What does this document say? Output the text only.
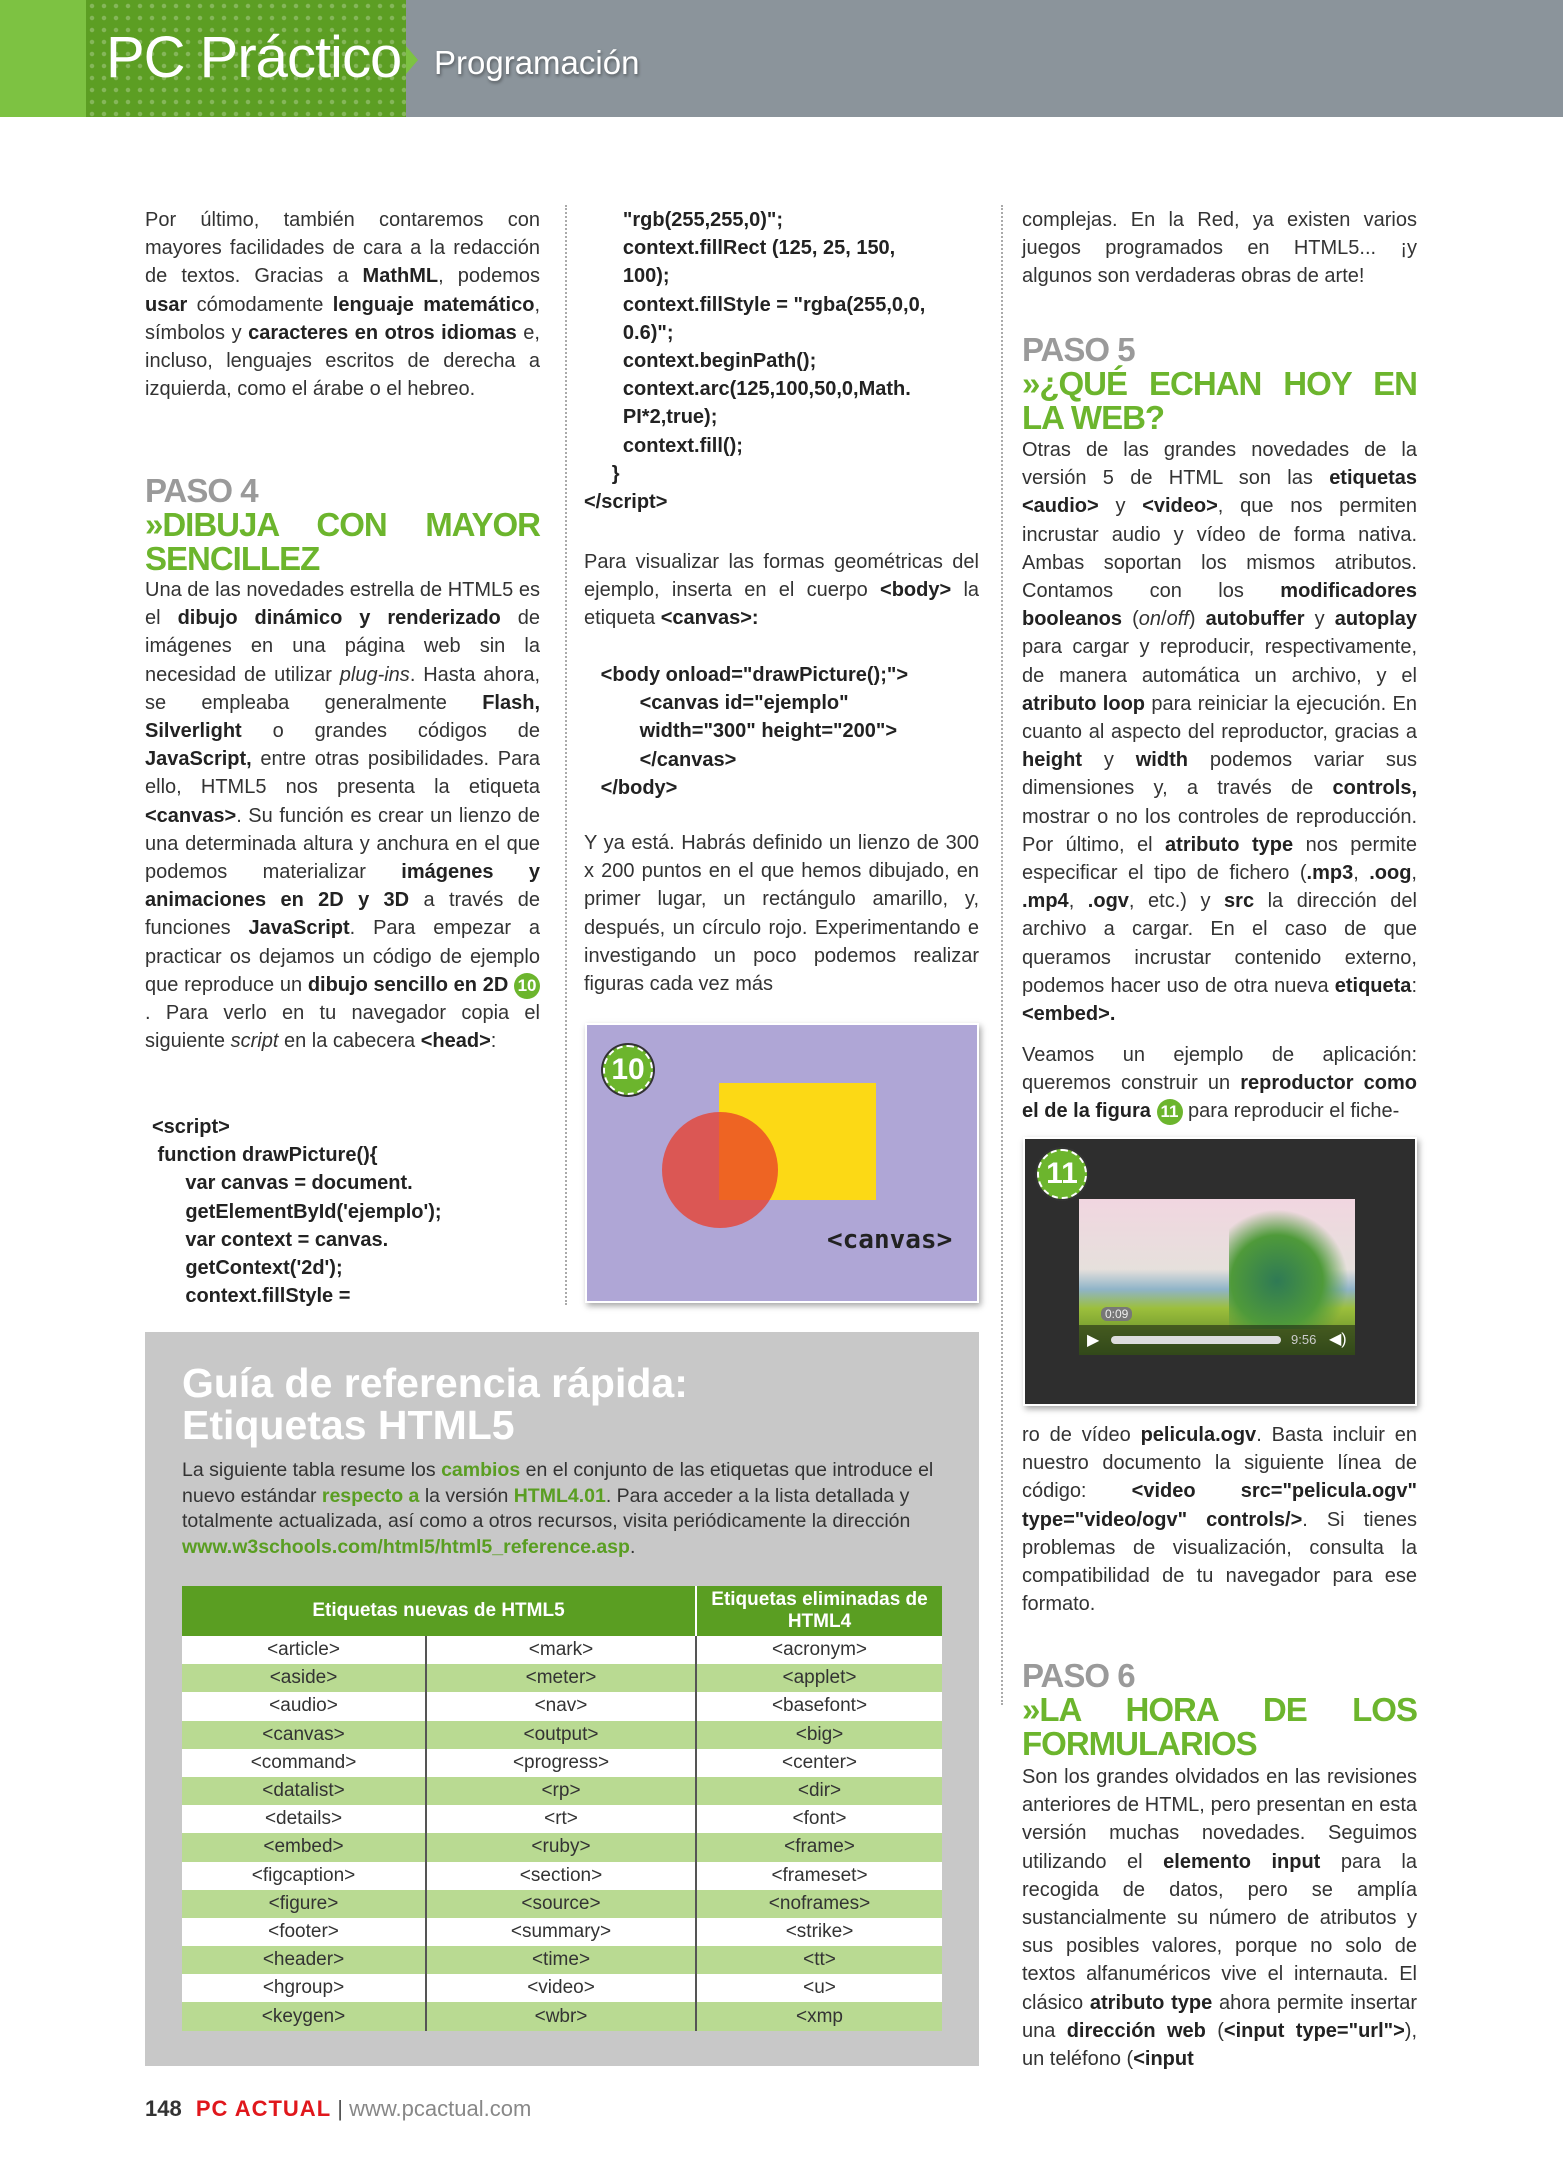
PC Práctico Programación
Por último, también contaremos con mayores facilidades de cara a la redacción de textos. Gracias a MathML, podemos usar cómodamente lenguaje matemático, símbolos y caracteres en otros idiomas e, incluso, lenguajes escritos de derecha a izquierda, como el árabe o el hebreo.
PASO 4
»DIBUJA CON MAYOR SENCILLEZ
Una de las novedades estrella de HTML5 es el dibujo dinámico y renderizado de imágenes en una página web sin la necesidad de utilizar plug-ins. Hasta ahora, se empleaba generalmente Flash, Silverlight o grandes códigos de JavaScript, entre otras posibilidades. Para ello, HTML5 nos presenta la etiqueta <canvas>. Su función es crear un lienzo de una determinada altura y anchura en el que podemos materializar imágenes y animaciones en 2D y 3D a través de funciones JavaScript. Para empezar a practicar os dejamos un código de ejemplo que reproduce un dibujo sencillo en 2D 10. Para verlo en tu navegador copia el siguiente script en la cabecera <head>:
<script>
function drawPicture(){
var canvas = document.
getElementById('ejemplo');
var context = canvas.
getContext('2d');
context.fillStyle =
"rgb(255,255,0)";
context.fillRect (125, 25, 150,
100);
context.fillStyle = "rgba(255,0,0,
0.6)";
context.beginPath();
context.arc(125,100,50,0,Math.
PI*2,true);
context.fill();
}
</script>
Para visualizar las formas geométricas del ejemplo, inserta en el cuerpo <body> la etiqueta <canvas>:
<body onload="drawPicture();">
<canvas id="ejemplo"
width="300" height="200">
</canvas>
</body>
Y ya está. Habrás definido un lienzo de 300 x 200 puntos en el que hemos dibujado, en primer lugar, un rectángulo amarillo, y, después, un círculo rojo. Experimentando e investigando un poco podemos realizar figuras cada vez más
10
<canvas>
complejas. En la Red, ya existen varios juegos programados en HTML5... ¡y algunos son verdaderas obras de arte!
PASO 5
»¿QUÉ ECHAN HOY EN LA WEB?
Otras de las grandes novedades de la versión 5 de HTML son las etiquetas <audio> y <video>, que nos permiten incrustar audio y vídeo de forma nativa. Ambas soportan los mismos atributos. Contamos con los modificadores booleanos (on/off) autobuffer y autoplay para cargar y reproducir, respectivamente, de manera automática un archivo, y el atributo loop para reiniciar la ejecución. En cuanto al aspecto del reproductor, gracias a height y width podemos variar sus dimensiones y, a través de controls, mostrar o no los controles de reproducción. Por último, el atributo type nos permite especificar el tipo de fichero (.mp3, .oog, .mp4, .ogv, etc.) y src la dirección del archivo a cargar. En el caso de que queramos incrustar contenido externo, podemos hacer uso de otra nueva etiqueta: <embed>.
Veamos un ejemplo de aplicación: queremos construir un reproductor como el de la figura 11 para reproducir el fiche-
11
▶
0:09
9:56 ◀)
ro de vídeo pelicula.ogv. Basta incluir en nuestro documento la siguiente línea de código: <video src="pelicula.ogv" type="video/ogv" controls/>. Si tienes problemas de visualización, consulta la compatibilidad de tu navegador para ese formato.
PASO 6
»LA HORA DE LOS FORMULARIOS
Son los grandes olvidados en las revisiones anteriores de HTML, pero presentan en esta versión muchas novedades. Seguimos utilizando el elemento input para la recogida de datos, pero se amplía sustancialmente su número de atributos y sus posibles valores, porque no solo de textos alfanuméricos vive el internauta. El clásico atributo type ahora permite insertar una dirección web (<input type="url">), un teléfono (<input
Guía de referencia rápida:
Etiquetas HTML5
La siguiente tabla resume los cambios en el conjunto de las etiquetas que introduce el nuevo estándar respecto a la versión HTML4.01. Para acceder a la lista detallada y totalmente actualizada, así como a otros recursos, visita periódicamente la dirección www.w3schools.com/html5/html5_reference.asp.
Etiquetas nuevas de HTML5		Etiquetas eliminadas de HTML4
<article>	<mark>	<acronym>
<aside>	<meter>	<applet>
<audio>	<nav>	<basefont>
<canvas>	<output>	<big>
<command>	<progress>	<center>
<datalist>	<rp>	<dir>
<details>	<rt>	<font>
<embed>	<ruby>	<frame>
<figcaption>	<section>	<frameset>
<figure>	<source>	<noframes>
<footer>	<summary>	<strike>
<header>	<time>	<tt>
<hgroup>	<video>	<u>
<keygen>	<wbr>	<xmp
148 PC ACTUAL | www.pcactual.com
